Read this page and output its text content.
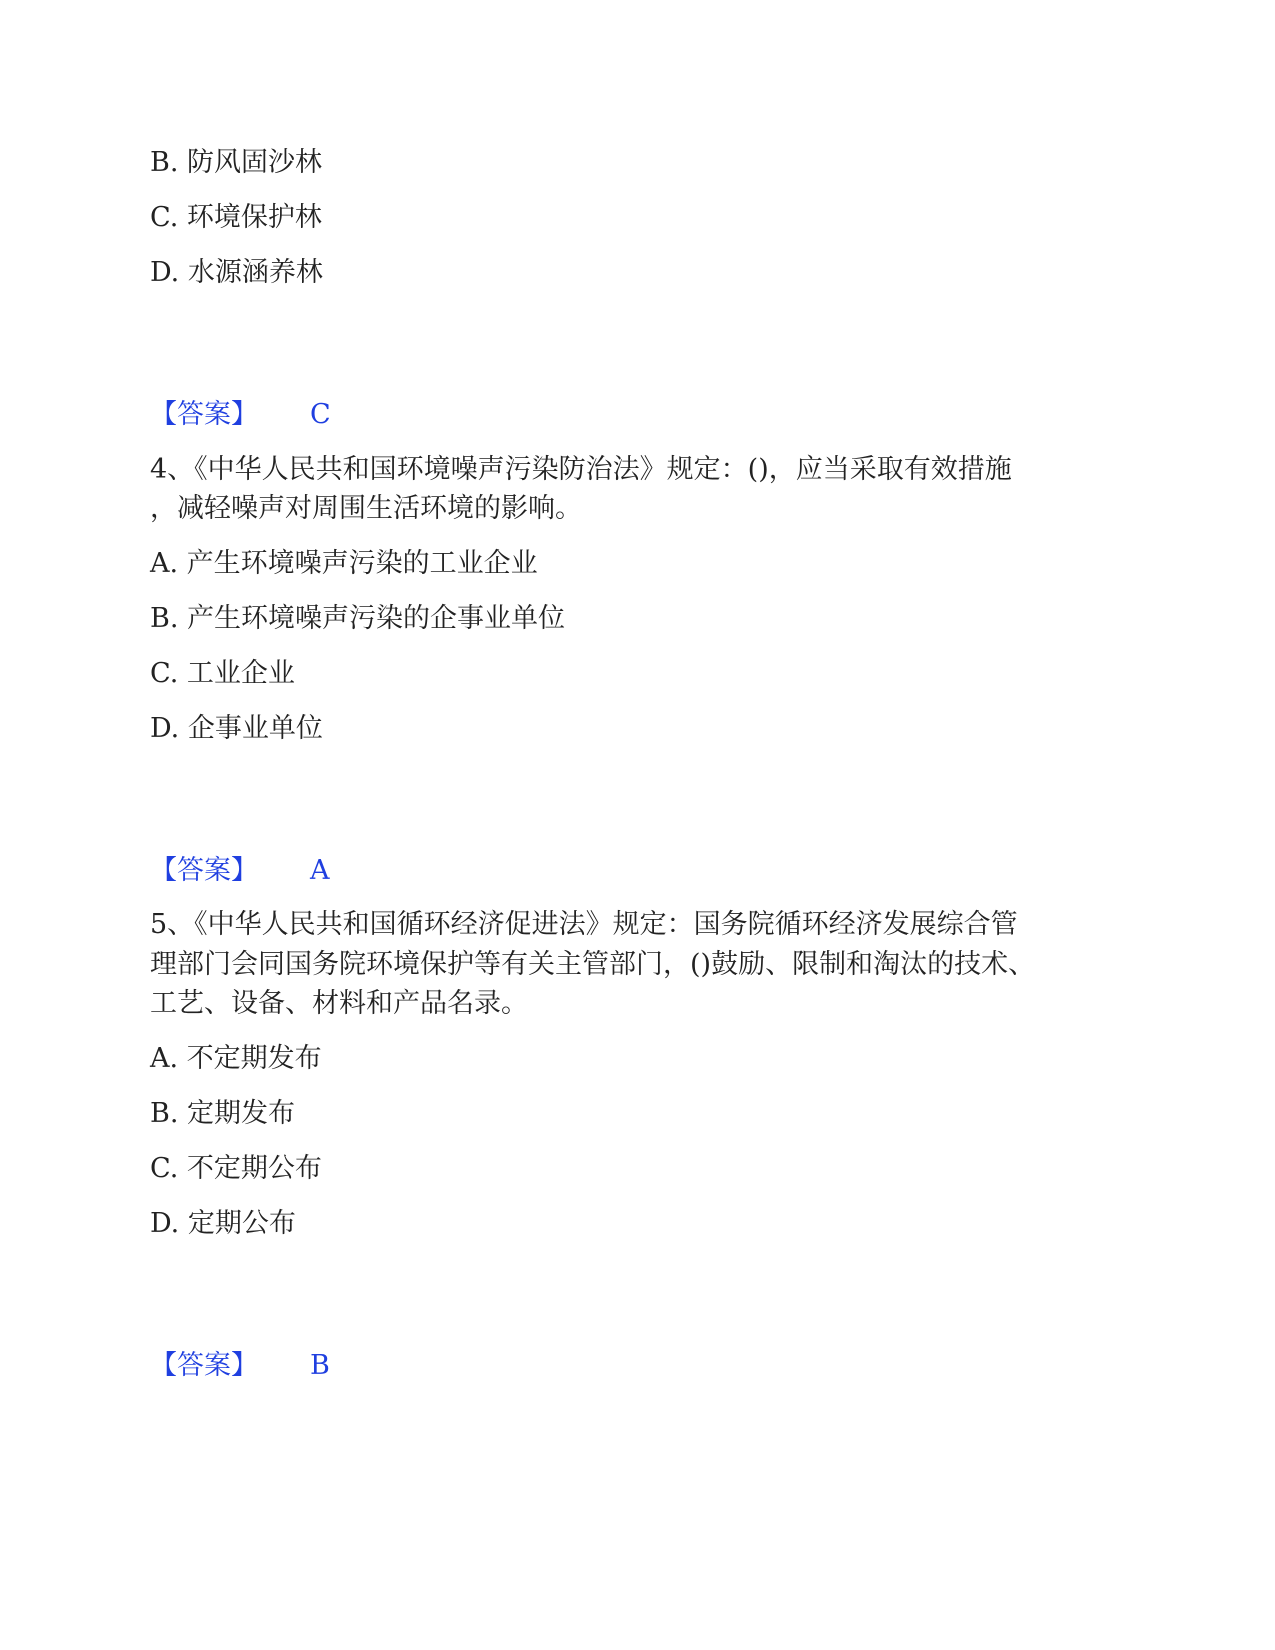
B. 防风固沙林
C. 环境保护林
D. 水源涵养林
【答案】 C
4、《中华人民共和国环境噪声污染防治法》规定：()，应当采取有效措施
，减轻噪声对周围生活环境的影响。
A. 产生环境噪声污染的工业企业
B. 产生环境噪声污染的企事业单位
C. 工业企业
D. 企事业单位
【答案】 A
5、《中华人民共和国循环经济促进法》规定：国务院循环经济发展综合管
理部门会同国务院环境保护等有关主管部门，()鼓励、限制和淘汰的技术、
工艺、设备、材料和产品名录。
A. 不定期发布
B. 定期发布
C. 不定期公布
D. 定期公布
【答案】 B
